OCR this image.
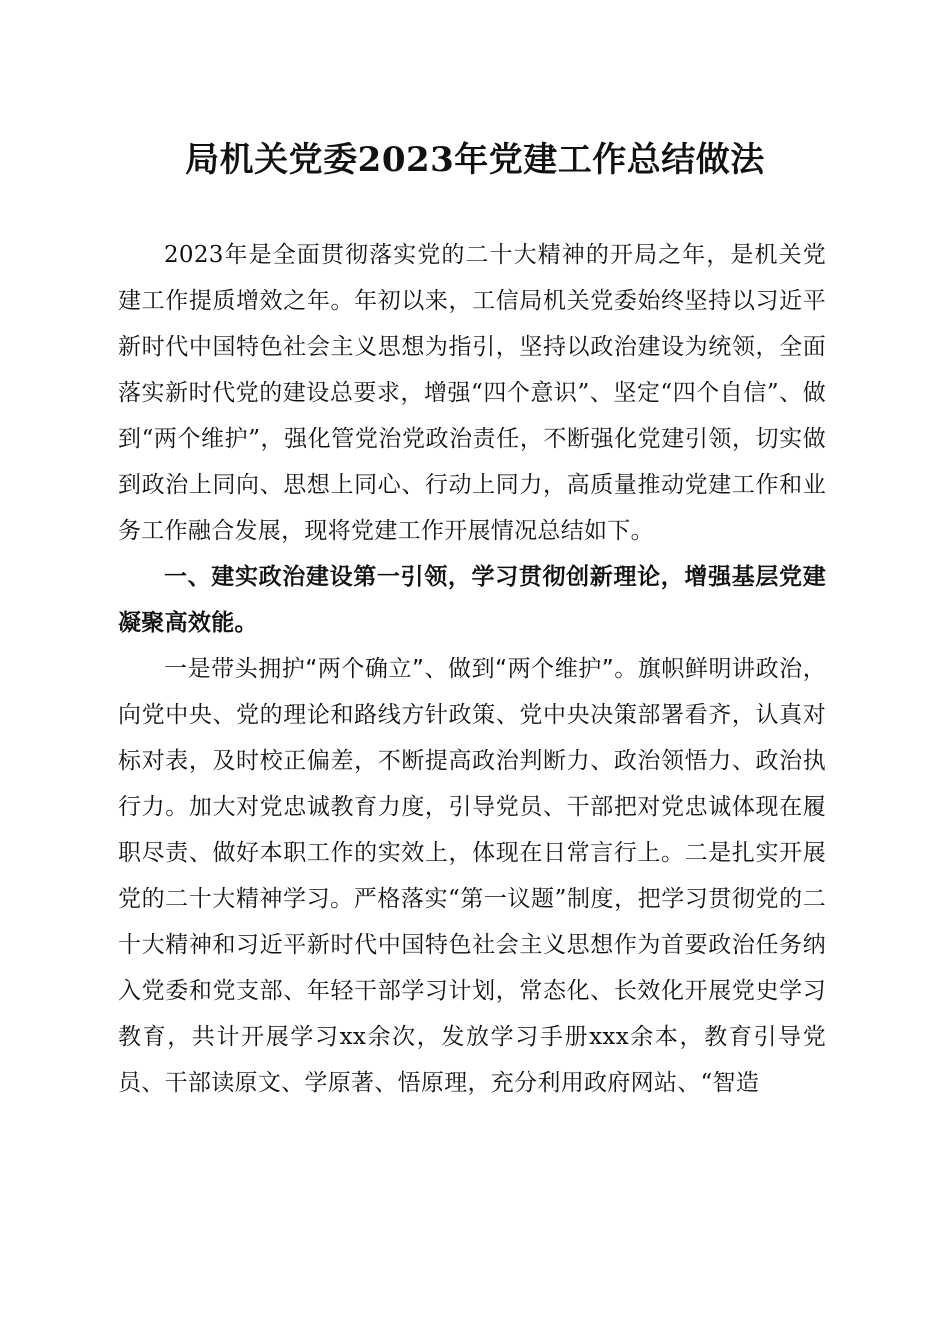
局机关党委2023年党建工作总结做法

2023年是全面贯彻落实党的二十大精神的开局之年，是机关党建工作提质增效之年。年初以来，工信局机关党委始终坚持以习近平新时代中国特色社会主义思想为指引，坚持以政治建设为统领，全面落实新时代党的建设总要求，增强“四个意识”、坚定“四个自信”、做到“两个维护”，强化管党治党政治责任，不断强化党建引领，切实做到政治上同向、思想上同心、行动上同力，高质量推动党建工作和业务工作融合发展，现将党建工作开展情况总结如下。

一、建实政治建设第一引领，学习贯彻创新理论，增强基层党建凝聚高效能。

一是带头拥护“两个确立”、做到“两个维护”。旗帜鲜明讲政治，向党中央、党的理论和路线方针政策、党中央决策部署看齐，认真对标对表，及时校正偏差，不断提高政治判断力、政治领悟力、政治执行力。加大对党忠诚教育力度，引导党员、干部把对党忠诚体现在履职尽责、做好本职工作的实效上，体现在日常言行上。二是扎实开展党的二十大精神学习。严格落实“第一议题”制度，把学习贯彻党的二十大精神和习近平新时代中国特色社会主义思想作为首要政治任务纳入党委和党支部、年轻干部学习计划，常态化、长效化开展党史学习教育，共计开展学习xx余次，发放学习手册xxx余本，教育引导党员、干部读原文、学原著、悟原理，充分利用政府网站、“智造
